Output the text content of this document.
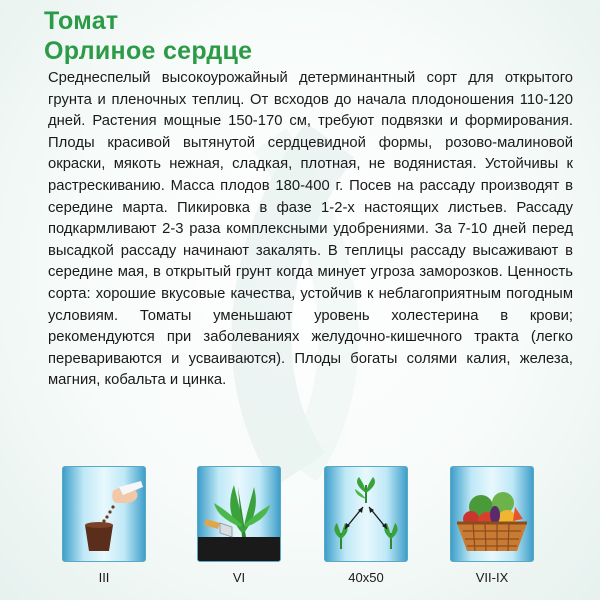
Томат
Орлиное сердце

Среднеспелый высокоурожайный детерминантный сорт для открытого грунта и пленочных теплиц. От всходов до начала плодоношения 110-120 дней. Растения мощные 150-170 см, требуют подвязки и формирования. Плоды красивой вытянутой сердцевидной формы, розово-малиновой окраски, мякоть нежная, сладкая, плотная, не водянистая. Устойчивы к растрескиванию. Масса плодов 180-400 г. Посев на рассаду производят в середине марта. Пикировка в фазе 1-2-х настоящих листьев. Рассаду подкармливают 2-3 раза комплексными удобрениями. За 7-10 дней перед высадкой рассаду начинают закалять. В теплицы рассаду высаживают в середине мая, в открытый грунт когда минует угроза заморозков. Ценность сорта: хорошие вкусовые качества, устойчив к неблагоприятным погодным условиям. Томаты уменьшают уровень холестерина в крови; рекомендуются при заболеваниях желудочно-кишечного тракта (легко перевариваются и усваиваются). Плоды богаты солями калия, железа, магния, кобальта и цинка.

III	VI	40x50	VII-IX
